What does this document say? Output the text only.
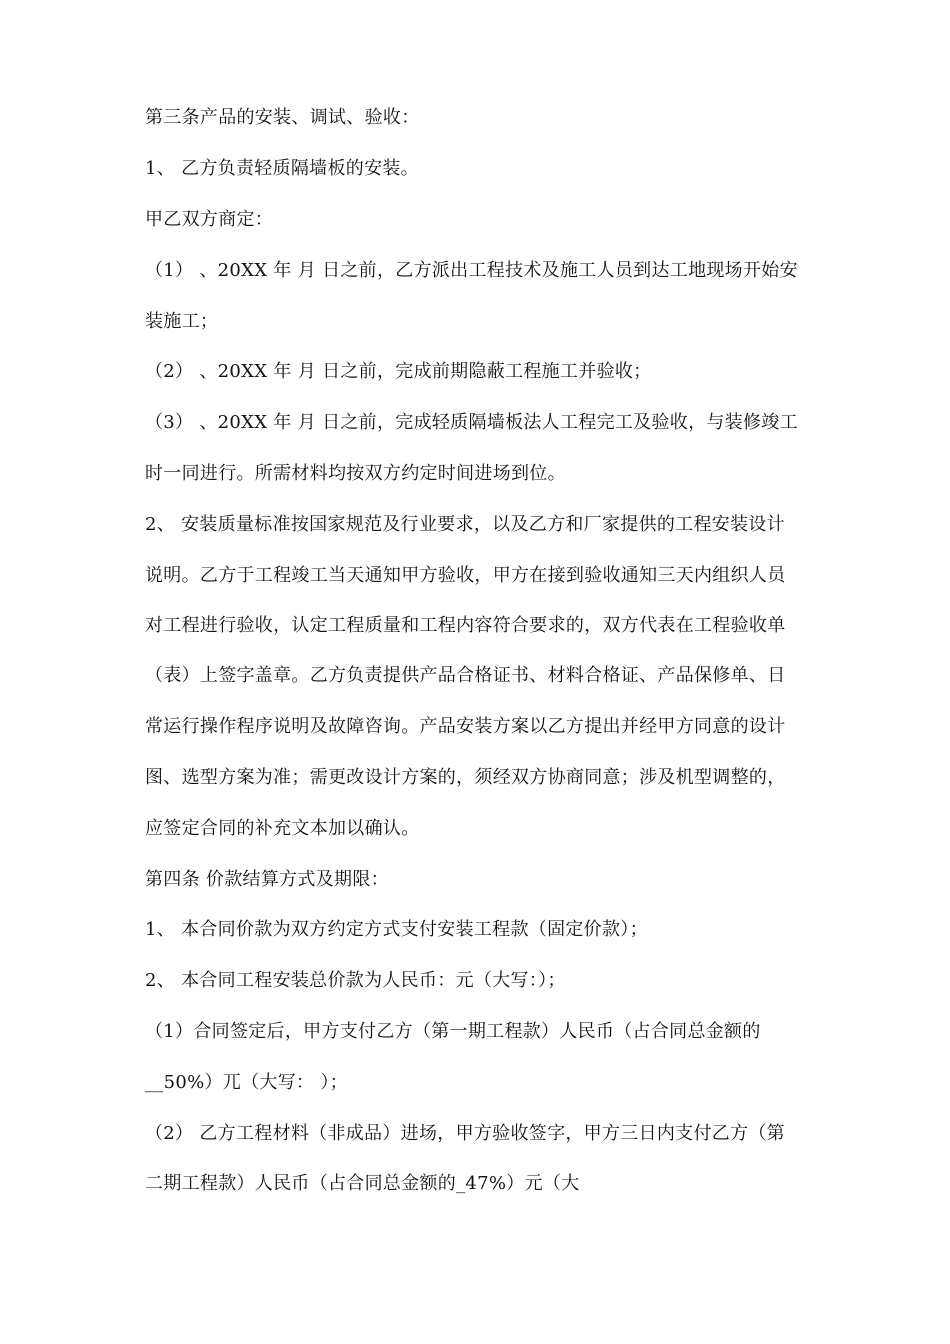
第三条产品的安装、调试、验收：
1、 乙方负责轻质隔墙板的安装。
甲乙双方商定：
（1） 、20XX 年 月 日之前，乙方派出工程技术及施工人员到达工地现场开始安
装施工；
（2） 、20XX 年 月 日之前，完成前期隐蔽工程施工并验收；
（3） 、20XX 年 月 日之前，完成轻质隔墙板法人工程完工及验收，与装修竣工
时一同进行。所需材料均按双方约定时间进场到位。
2、 安装质量标准按国家规范及行业要求，以及乙方和厂家提供的工程安装设计
说明。乙方于工程竣工当天通知甲方验收，甲方在接到验收通知三天内组织人员
对工程进行验收，认定工程质量和工程内容符合要求的，双方代表在工程验收单
（表）上签字盖章。乙方负责提供产品合格证书、材料合格证、产品保修单、日
常运行操作程序说明及故障咨询。产品安装方案以乙方提出并经甲方同意的设计
图、选型方案为准；需更改设计方案的，须经双方协商同意；涉及机型调整的，
应签定合同的补充文本加以确认。
第四条 价款结算方式及期限：
1、 本合同价款为双方约定方式支付安装工程款（固定价款）；
2、 本合同工程安装总价款为人民币：元（大写：）；
（1）合同签定后，甲方支付乙方（第一期工程款）人民币（占合同总金额的
__50%）兀（大写： ）；
（2） 乙方工程材料（非成品）进场，甲方验收签字，甲方三日内支付乙方（第
二期工程款）人民币（占合同总金额的_47%）元（大
